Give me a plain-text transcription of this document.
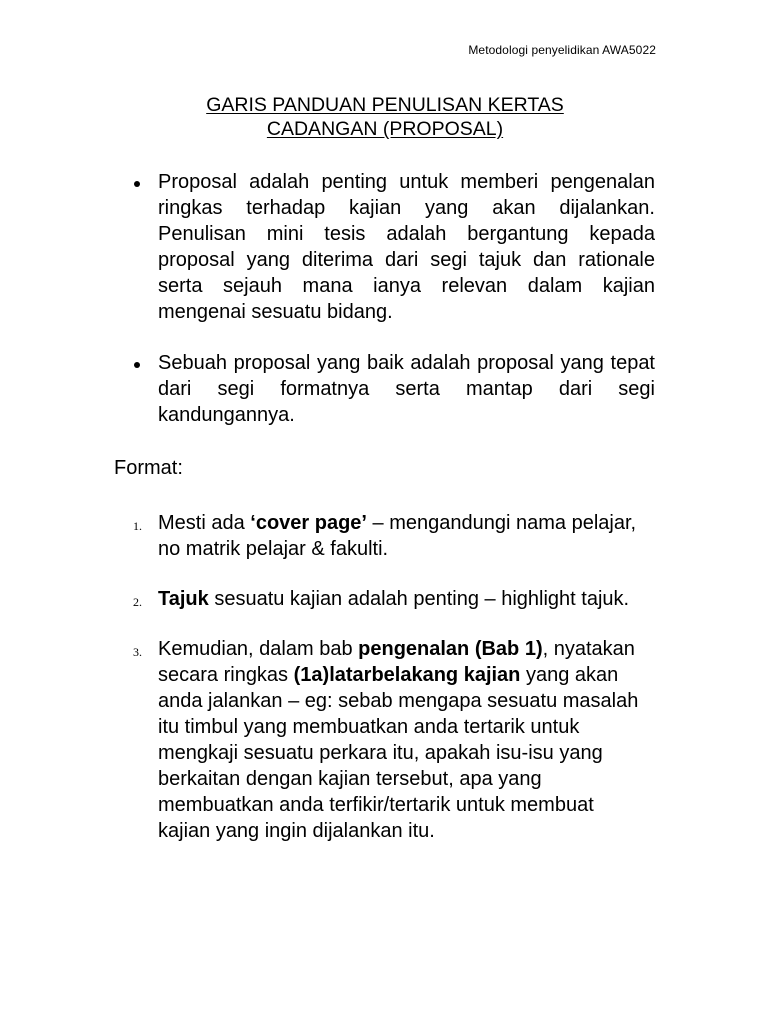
Metodologi penyelidikan AWA5022
GARIS PANDUAN PENULISAN KERTAS
CADANGAN (PROPOSAL)
Proposal adalah penting untuk memberi pengenalan ringkas terhadap kajian yang akan dijalankan. Penulisan mini tesis adalah bergantung kepada proposal yang diterima dari segi tajuk dan rationale serta sejauh mana ianya relevan dalam kajian mengenai sesuatu bidang.
Sebuah proposal yang baik adalah proposal yang tepat dari segi formatnya serta mantap dari segi kandungannya.
Format:
1. Mesti ada ‘cover page’ – mengandungi nama pelajar, no matrik pelajar & fakulti.
2. Tajuk sesuatu kajian adalah penting – highlight tajuk.
3. Kemudian, dalam bab pengenalan (Bab 1), nyatakan secara ringkas (1a)latarbelakang kajian yang akan anda jalankan – eg: sebab mengapa sesuatu masalah itu timbul yang membuatkan anda tertarik untuk mengkaji sesuatu perkara itu, apakah isu-isu yang berkaitan dengan kajian tersebut, apa yang membuatkan anda terfikir/tertarik untuk membuat kajian yang ingin dijalankan itu.
